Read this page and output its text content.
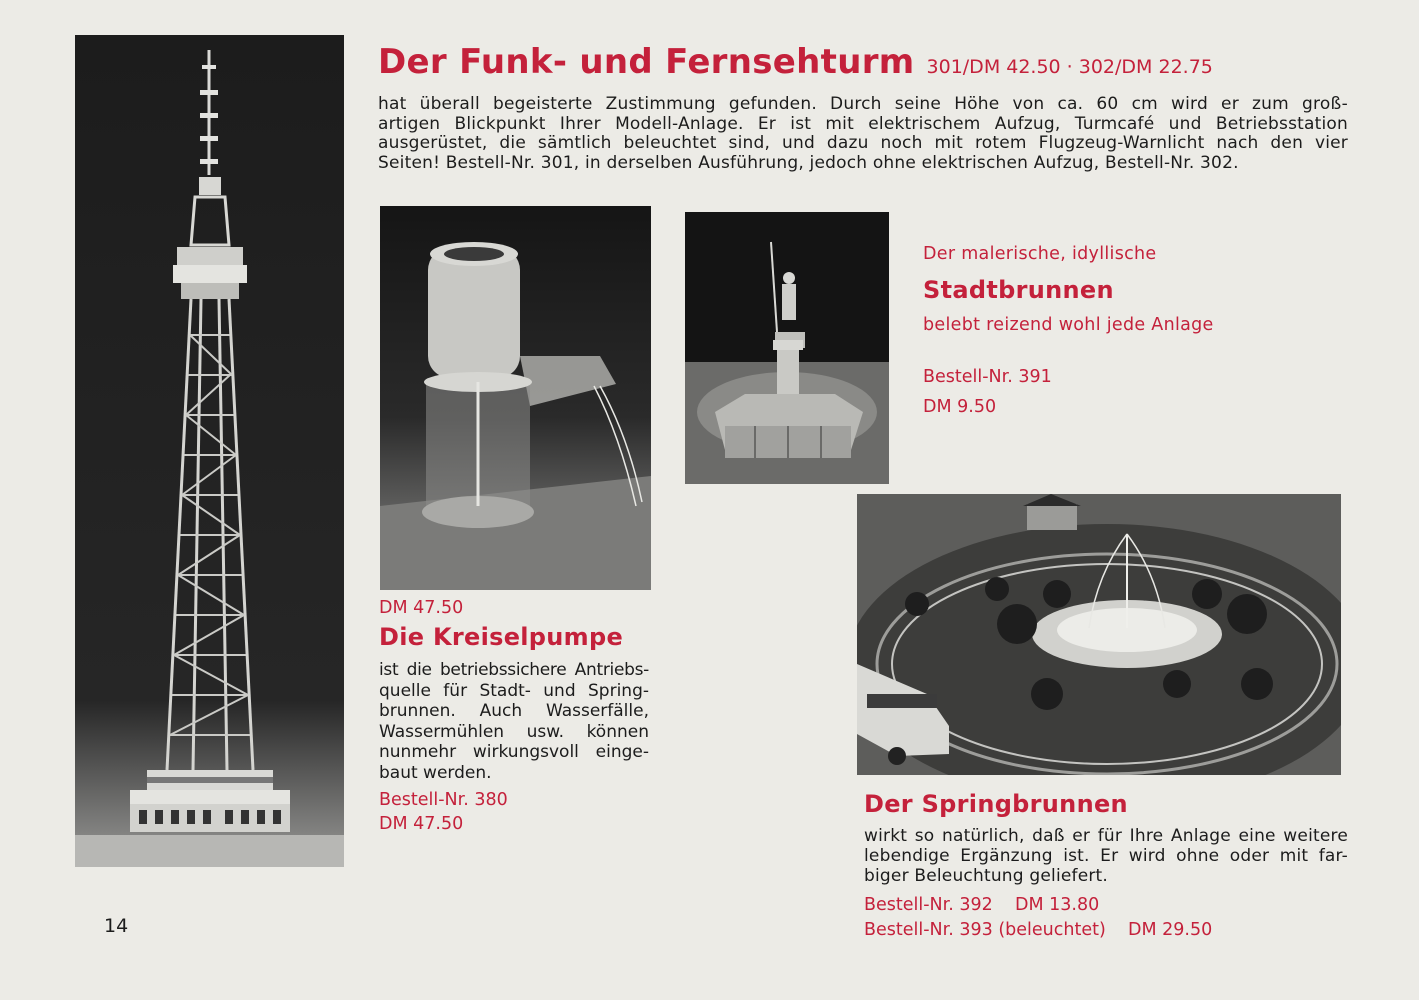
Der Funk- und Fernsehturm 301/DM 42.50 · 302/DM 22.75
hat überall begeisterte Zustimmung gefunden. Durch seine Höhe von ca. 60 cm wird er zum groß-
artigen Blickpunkt Ihrer Modell-Anlage. Er ist mit elektrischem Aufzug, Turmcafé und Betriebsstation
ausgerüstet, die sämtlich beleuchtet sind, und dazu noch mit rotem Flugzeug-Warnlicht nach den vier
Seiten! Bestell-Nr. 301, in derselben Ausführung, jedoch ohne elektrischen Aufzug, Bestell-Nr. 302.
Der malerische, idyllische
Stadtbrunnen
belebt reizend wohl jede Anlage
Bestell-Nr. 391
DM 9.50
DM 47.50
Die Kreiselpumpe
ist die betriebssichere Antriebs-
quelle für Stadt- und Spring-
brunnen. Auch Wasserfälle,
Wassermühlen usw. können
nunmehr wirkungsvoll einge-
baut werden.
Bestell-Nr. 380
DM 47.50
Der Springbrunnen
wirkt so natürlich, daß er für Ihre Anlage eine weitere
lebendige Ergänzung ist. Er wird ohne oder mit far-
biger Beleuchtung geliefert.
Bestell-Nr. 392    DM 13.80
Bestell-Nr. 393 (beleuchtet)    DM 29.50
14
